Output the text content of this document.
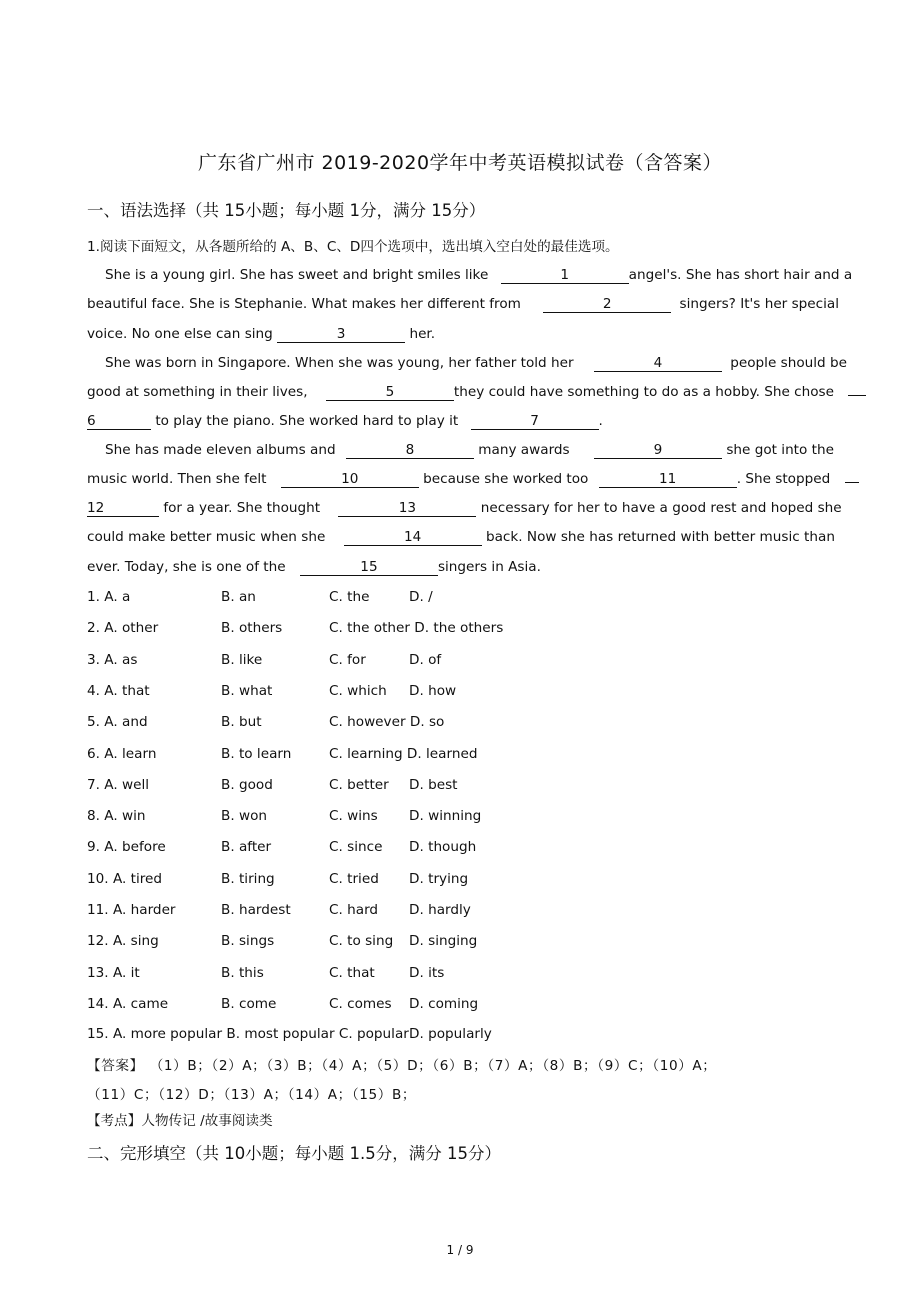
广东省广州市 2019-2020学年中考英语模拟试卷（含答案）
一、语法选择（共 15小题；每小题 1分，满分 15分）
1.阅读下面短文，从各题所给的 A、B、C、D四个选项中，选出填入空白处的最佳选项。
She is a young girl. She has sweet and bright smiles like	1	angel's. She has short hair and a
beautiful face. She is Stephanie. What makes her different from	2	singers? It's her special
voice. No one else can sing	3	her.
She was born in Singapore. When she was young, her father told her	4	people should be
good at something in their lives,	5	they could have something to do as a hobby. She chose
6	to play the piano. She worked hard to play it	7	.
She has made eleven albums and	8	many awards	9	she got into the
music world. Then she felt	10	because she worked too	11	. She stopped
12	for a year. She thought	13	necessary for her to have a good rest and hoped she
could make better music when she	14	back. Now she has returned with better music than
ever. Today, she is one of the	15	singers in Asia.
1. A. a	B. an	C. the	D. /
2. A. other	B. others	C. the other D. the others
3. A. as	B. like	C. for	D. of
4. A. that	B. what	C. which D. how
5. A. and	B. but	C. however D. so
6. A. learn	B. to learn	C. learning D. learned
7. A. well	B. good	C. better D. best
8. A. win	B. won	C. wins D. winning
9. A. before	B. after	C. since D. though
10. A. tired	B. tiring	C. tried D. trying
11. A. harder	B. hardest	C. hard D. hardly
12. A. sing	B. sings	C. to sing D. singing
13. A. it	B. this	C. that	D. its
14. A. came	B. come	C. comes D. coming
15. A. more popular B. most popular C. popular D. popularly
【答案】 （1）B；（2）A；（3）B；（4）A；（5）D；（6）B；（7）A；（8）B；（9）C；（10）A；
（11）C；（12）D；（13）A；（14）A；（15）B；
【考点】人物传记 /故事阅读类
二、完形填空（共 10小题；每小题 1.5分，满分 15分）
1 / 9
